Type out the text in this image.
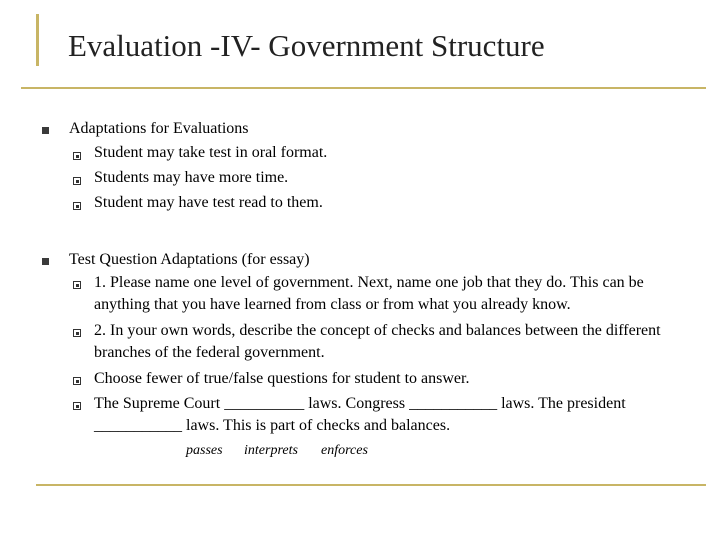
Evaluation -IV- Government Structure
Adaptations for Evaluations
Student may take test in oral format.
Students may have more time.
Student may have test read to them.
Test Question Adaptations (for essay)
1. Please name one level of government. Next, name one job that they do. This can be anything that you have learned from class or from what you already know.
2. In your own words, describe the concept of checks and balances between the different branches of the federal government.
Choose fewer of true/false questions for student to answer.
The Supreme Court __________ laws. Congress ___________ laws. The president ___________ laws. This is part of checks and balances.
passes interprets enforces
